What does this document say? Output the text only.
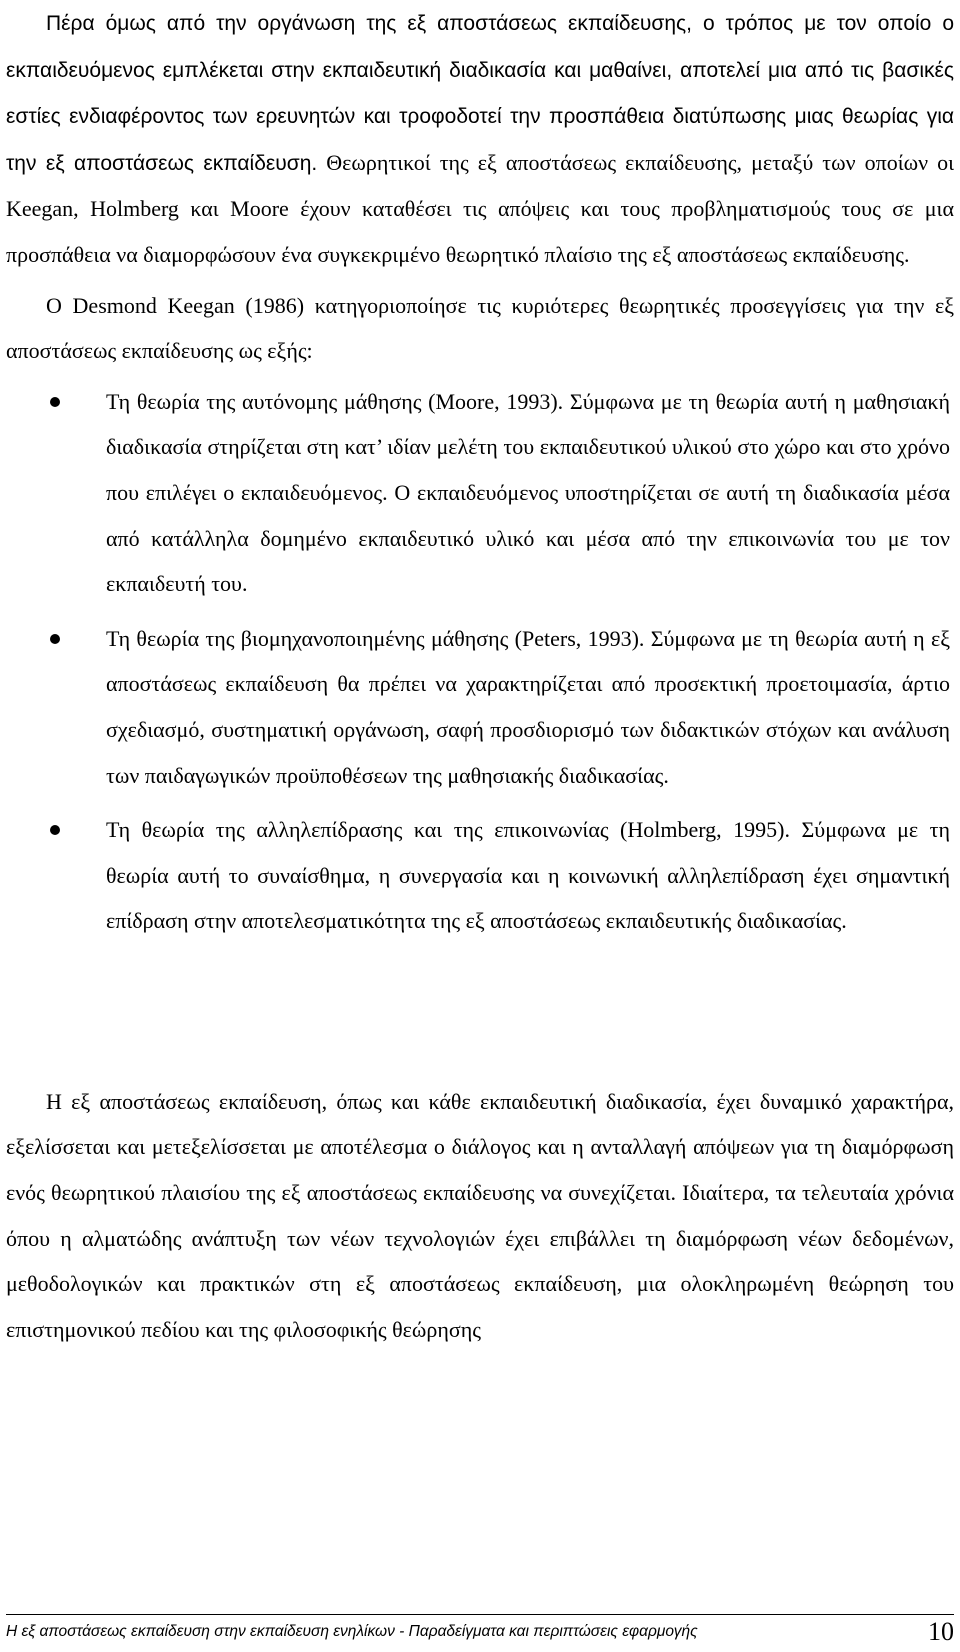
Πέρα όμως από την οργάνωση της εξ αποστάσεως εκπαίδευσης, ο τρόπος με τον οποίο ο εκπαιδευόμενος εμπλέκεται στην εκπαιδευτική διαδικασία και μαθαίνει, αποτελεί μια από τις βασικές εστίες ενδιαφέροντος των ερευνητών και τροφοδοτεί την προσπάθεια διατύπωσης μιας θεωρίας για την εξ αποστάσεως εκπαίδευση. Θεωρητικοί της εξ αποστάσεως εκπαίδευσης, μεταξύ των οποίων οι Keegan, Holmberg και Moore έχουν καταθέσει τις απόψεις και τους προβληματισμούς τους σε μια προσπάθεια να διαμορφώσουν ένα συγκεκριμένο θεωρητικό πλαίσιο της εξ αποστάσεως εκπαίδευσης.

Ο Desmond Keegan (1986) κατηγοριοποίησε τις κυριότερες θεωρητικές προσεγγίσεις για την εξ αποστάσεως εκπαίδευσης ως εξής:

Τη θεωρία της αυτόνομης μάθησης (Moore, 1993). Σύμφωνα με τη θεωρία αυτή η μαθησιακή διαδικασία στηρίζεται στη κατ’ ιδίαν μελέτη του εκπαιδευτικού υλικού στο χώρο και στο χρόνο που επιλέγει ο εκπαιδευόμενος. Ο εκπαιδευόμενος υποστηρίζεται σε αυτή τη διαδικασία μέσα από κατάλληλα δομημένο εκπαιδευτικό υλικό και μέσα από την επικοινωνία του με τον εκπαιδευτή του.
Τη θεωρία της βιομηχανοποιημένης μάθησης (Peters, 1993). Σύμφωνα με τη θεωρία αυτή η εξ αποστάσεως εκπαίδευση θα πρέπει να χαρακτηρίζεται από προσεκτική προετοιμασία, άρτιο σχεδιασμό, συστηματική οργάνωση, σαφή προσδιορισμό των διδακτικών στόχων και ανάλυση των παιδαγωγικών προϋποθέσεων της μαθησιακής διαδικασίας.
Τη θεωρία της αλληλεπίδρασης και της επικοινωνίας (Holmberg, 1995). Σύμφωνα με τη θεωρία αυτή το συναίσθημα, η συνεργασία και η κοινωνική αλληλεπίδραση έχει σημαντική επίδραση στην αποτελεσματικότητα της εξ αποστάσεως εκπαιδευτικής διαδικασίας.

Η εξ αποστάσεως εκπαίδευση, όπως και κάθε εκπαιδευτική διαδικασία, έχει δυναμικό χαρακτήρα, εξελίσσεται και μετεξελίσσεται με αποτέλεσμα ο διάλογος και η ανταλλαγή απόψεων για τη διαμόρφωση ενός θεωρητικού πλαισίου της εξ αποστάσεως εκπαίδευσης να συνεχίζεται. Ιδιαίτερα, τα τελευταία χρόνια όπου η αλματώδης ανάπτυξη των νέων τεχνολογιών έχει επιβάλλει τη διαμόρφωση νέων δεδομένων, μεθοδολογικών και πρακτικών στη εξ αποστάσεως εκπαίδευση, μια ολοκληρωμένη θεώρηση του επιστημονικού πεδίου και της φιλοσοφικής θεώρησης

Η εξ αποστάσεως εκπαίδευση στην εκπαίδευση ενηλίκων - Παραδείγματα και περιπτώσεις εφαρμογής	10
